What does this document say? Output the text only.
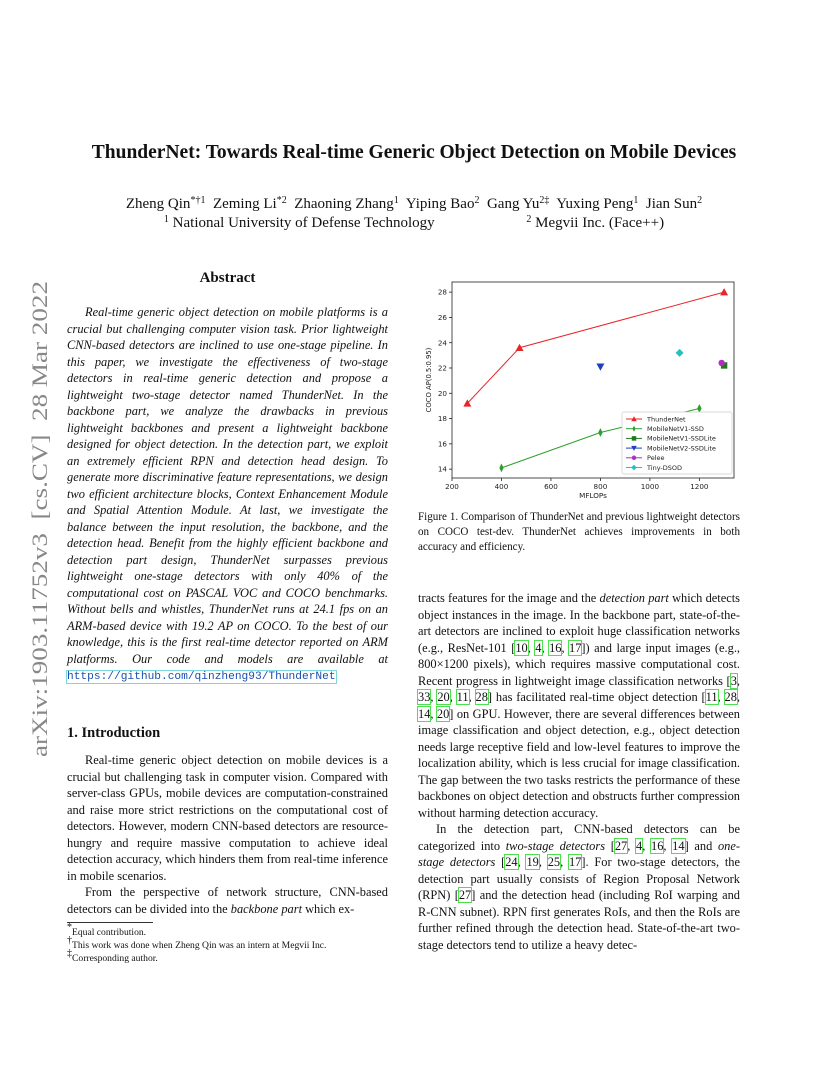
arXiv:1903.11752v3  [cs.CV]  28 Mar 2022
ThunderNet: Towards Real-time Generic Object Detection on Mobile Devices
Zheng Qin$^{*\dagger 1}$ Zeming Li$^{*2}$ Zhaoning Zhang$^1$ Yiping Bao$^2$ Gang $Yu^{2\ddagger}$ Yuxing Peng$^1$ Jian Sun$^2$
$^1$ National University of Defense Technology	$^2$ Megvii Inc. (Face++)
Abstract

Real-time generic object detection on mobile platforms is a crucial but challenging computer vision task. Prior lightweight CNN-based detectors are inclined to use one-stage pipeline. In this paper, we investigate the effectiveness of two-stage detectors in real-time generic detection and propose a lightweight two-stage detector named ThunderNet. In the backbone part, we analyze the drawbacks in previous lightweight backbones and present a lightweight backbone designed for object detection. In the detection part, we exploit an extremely efficient RPN and detection head design. To generate more discriminative feature representations, we design two efficient architecture blocks, Context Enhancement Module and Spatial Attention Module. At last, we investigate the balance between the input resolution, the backbone, and the detection head. Benefit from the highly efficient backbone and detection part design, ThunderNet surpasses previous lightweight one-stage detectors with only 40% of the computational cost on PASCAL VOC and COCO benchmarks. Without bells and whistles, ThunderNet runs at 24.1 fps on an ARM-based device with 19.2 AP on COCO. To the best of our knowledge, this is the first real-time detector reported on ARM platforms. Our code and models are available at https://github.com/qinzheng93/ThunderNet

1. Introduction

Real-time generic object detection on mobile devices is a crucial but challenging task in computer vision. Compared with server-class GPUs, mobile devices are computation-constrained and raise more strict restrictions on the computational cost of detectors. However, modern CNN-based detectors are resource-hungry and require massive computation to achieve ideal detection accuracy, which hinders them from real-time inference in mobile scenarios.

From the perspective of network structure, CNN-based detectors can be divided into the backbone part which ex-

*Equal contribution.
†This work was done when Zheng Qin was an intern at Megvii Inc.
‡Corresponding author.
200	400	600	800	1000	1200
14
16
18
20
22
24
26
28
MFLOPs
COCO AP(0.5:0.95)
ThunderNet
MobileNetV1-SSD
MobileNetV1-SSDLite
MobileNetV2-SSDLite
Pelee
Tiny-DSOD
Figure 1. Comparison of ThunderNet and previous lightweight detectors on COCO test-dev. ThunderNet achieves improvements in both accuracy and efficiency.

tracts features for the image and the detection part which detects object instances in the image. In the backbone part, state-of-the-art detectors are inclined to exploit huge classification networks (e.g., ResNet-101 [10, 4, 16, 17]) and large input images (e.g., 800×1200 pixels), which requires massive computational cost. Recent progress in lightweight image classification networks [3, 33, 20, 11, 28] has facilitated real-time object detection [11, 28, 14, 20] on GPU. However, there are several differences between image classification and object detection, e.g., object detection needs large receptive field and low-level features to improve the localization ability, which is less crucial for image classification. The gap between the two tasks restricts the performance of these backbones on object detection and obstructs further compression without harming detection accuracy.

In the detection part, CNN-based detectors can be categorized into two-stage detectors [27, 4, 16, 14] and one-stage detectors [24, 19, 25, 17]. For two-stage detectors, the detection part usually consists of Region Proposal Network (RPN) [27] and the detection head (including RoI warping and R-CNN subnet). RPN first generates RoIs, and then the RoIs are further refined through the detection head. State-of-the-art two-stage detectors tend to utilize a heavy detec-
